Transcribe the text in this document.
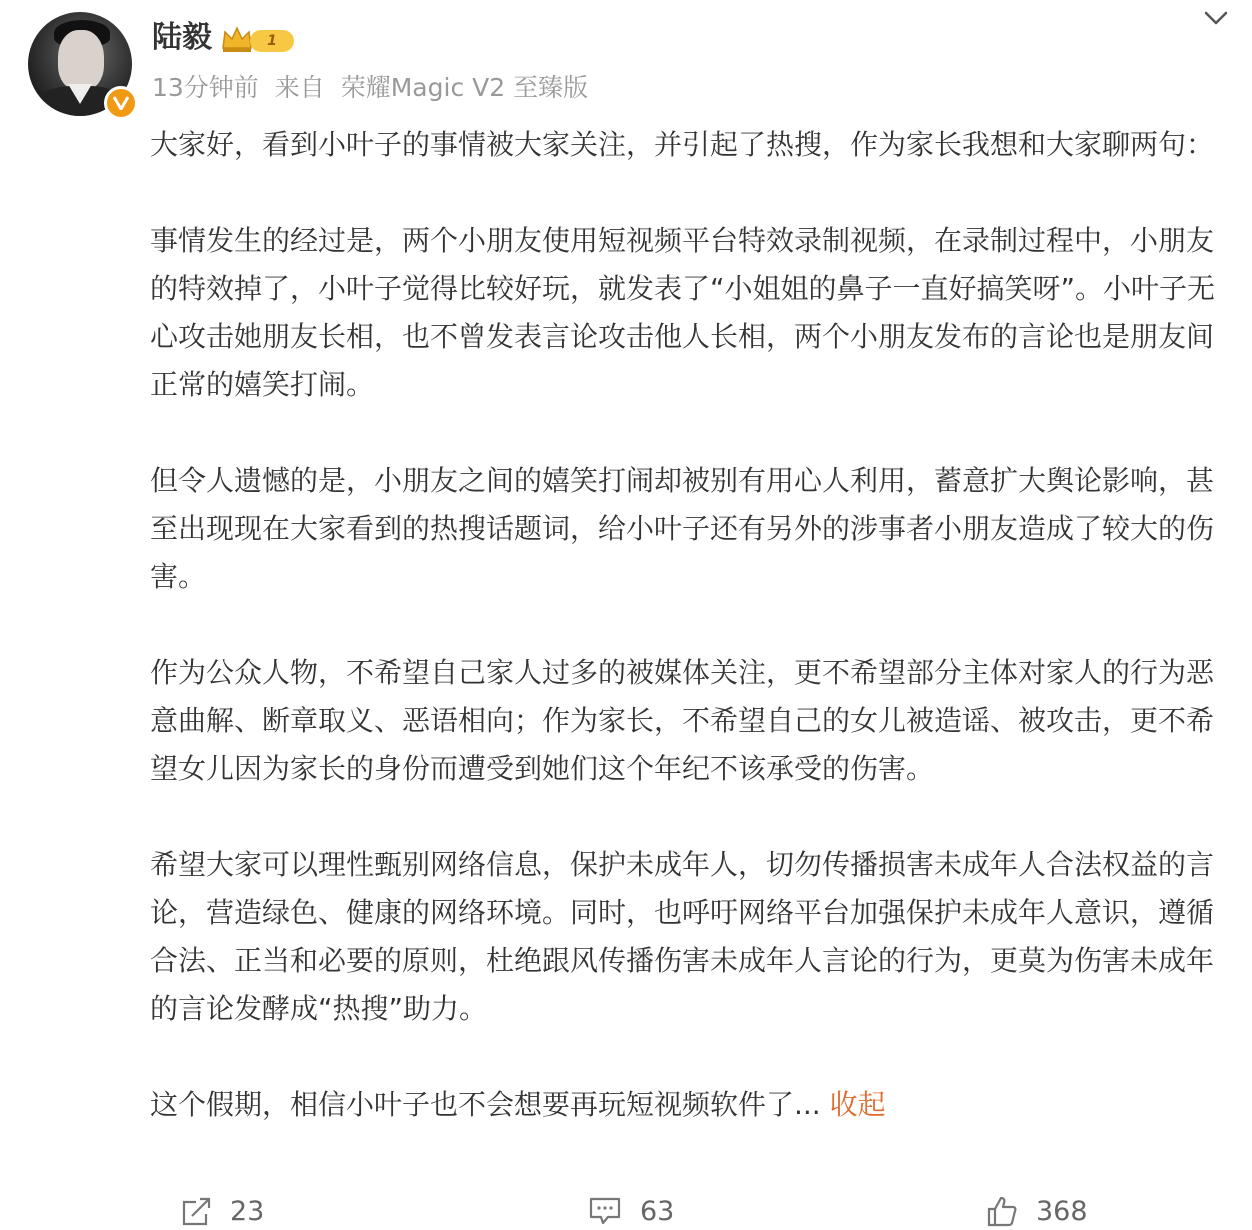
陆毅	1
13分钟前 来自 荣耀Magic V2 至臻版

大家好，看到小叶子的事情被大家关注，并引起了热搜，作为家长我想和大家聊两句：

事情发生的经过是，两个小朋友使用短视频平台特效录制视频，在录制过程中，小朋友的特效掉了，小叶子觉得比较好玩，就发表了“小姐姐的鼻子一直好搞笑呀”。小叶子无心攻击她朋友长相，也不曾发表言论攻击他人长相，两个小朋友发布的言论也是朋友间正常的嬉笑打闹。

但令人遗憾的是，小朋友之间的嬉笑打闹却被别有用心人利用，蓄意扩大舆论影响，甚至出现现在大家看到的热搜话题词，给小叶子还有另外的涉事者小朋友造成了较大的伤害。

作为公众人物，不希望自己家人过多的被媒体关注，更不希望部分主体对家人的行为恶意曲解、断章取义、恶语相向；作为家长，不希望自己的女儿被造谣、被攻击，更不希望女儿因为家长的身份而遭受到她们这个年纪不该承受的伤害。

希望大家可以理性甄别网络信息，保护未成年人，切勿传播损害未成年人合法权益的言论，营造绿色、健康的网络环境。同时，也呼吁网络平台加强保护未成年人意识，遵循合法、正当和必要的原则，杜绝跟风传播伤害未成年人言论的行为，更莫为伤害未成年的言论发酵成“热搜”助力。

这个假期，相信小叶子也不会想要再玩短视频软件了... 收起

23	63	368
